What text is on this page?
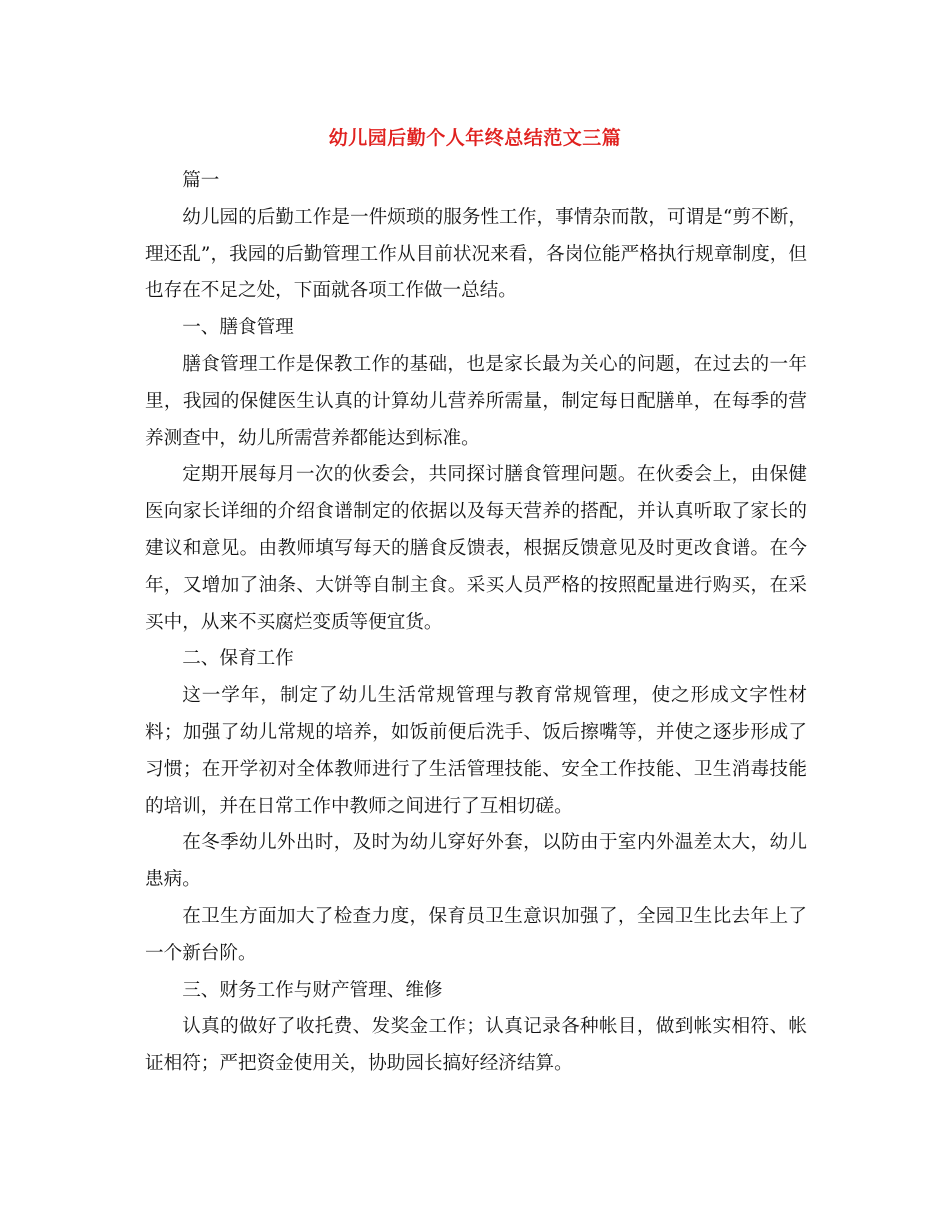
幼儿园后勤个人年终总结范文三篇

篇一

幼儿园的后勤工作是一件烦琐的服务性工作，事情杂而散，可谓是“剪不断，理还乱”，我园的后勤管理工作从目前状况来看，各岗位能严格执行规章制度，但也存在不足之处，下面就各项工作做一总结。

一、膳食管理

膳食管理工作是保教工作的基础，也是家长最为关心的问题，在过去的一年里，我园的保健医生认真的计算幼儿营养所需量，制定每日配膳单，在每季的营养测查中，幼儿所需营养都能达到标准。

定期开展每月一次的伙委会，共同探讨膳食管理问题。在伙委会上，由保健医向家长详细的介绍食谱制定的依据以及每天营养的搭配，并认真听取了家长的建议和意见。由教师填写每天的膳食反馈表，根据反馈意见及时更改食谱。在今年，又增加了油条、大饼等自制主食。采买人员严格的按照配量进行购买，在采买中，从来不买腐烂变质等便宜货。

二、保育工作

这一学年，制定了幼儿生活常规管理与教育常规管理，使之形成文字性材料；加强了幼儿常规的培养，如饭前便后洗手、饭后擦嘴等，并使之逐步形成了习惯；在开学初对全体教师进行了生活管理技能、安全工作技能、卫生消毒技能的培训，并在日常工作中教师之间进行了互相切磋。

在冬季幼儿外出时，及时为幼儿穿好外套，以防由于室内外温差太大，幼儿患病。

在卫生方面加大了检查力度，保育员卫生意识加强了，全园卫生比去年上了一个新台阶。

三、财务工作与财产管理、维修

认真的做好了收托费、发奖金工作；认真记录各种帐目，做到帐实相符、帐证相符；严把资金使用关，协助园长搞好经济结算。
